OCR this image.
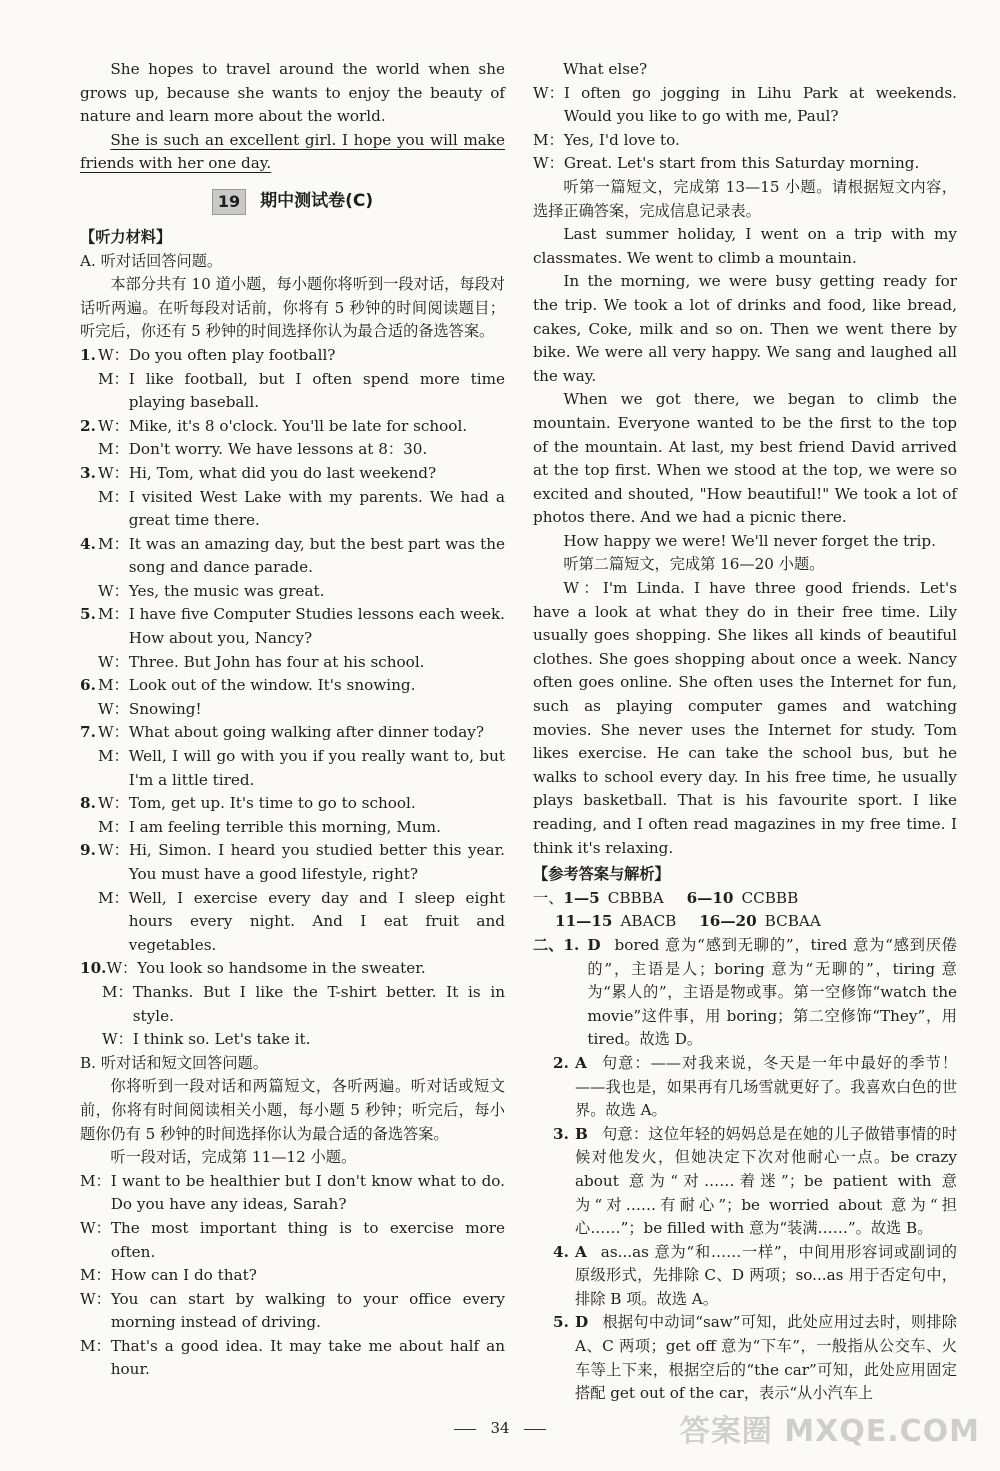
She hopes to travel around the world when she grows up, because she wants to enjoy the beauty of nature and learn more about the world.

She is such an excellent girl. I hope you will make friends with her one day.

19	期中测试卷(C)

【听力材料】

A. 听对话回答问题。

本部分共有 10 道小题，每小题你将听到一段对话，每段对话听两遍。在听每段对话前，你将有 5 秒钟的时间阅读题目；听完后，你还有 5 秒钟的时间选择你认为最合适的备选答案。

1. W： Do you often play football?
M： I like football, but I often spend more time playing baseball.
2. W： Mike, it's 8 o'clock. You'll be late for school.
M： Don't worry. We have lessons at 8：30.
3. W： Hi, Tom, what did you do last weekend?
M： I visited West Lake with my parents. We had a great time there.
4. M： It was an amazing day, but the best part was the song and dance parade.
W： Yes, the music was great.
5. M： I have five Computer Studies lessons each week. How about you, Nancy?
W： Three. But John has four at his school.
6. M： Look out of the window. It's snowing.
W： Snowing!
7. W： What about going walking after dinner today?
M： Well, I will go with you if you really want to, but I'm a little tired.
8. W： Tom, get up. It's time to go to school.
M： I am feeling terrible this morning, Mum.
9. W： Hi, Simon. I heard you studied better this year. You must have a good lifestyle, right?
M： Well, I exercise every day and I sleep eight hours every night. And I eat fruit and vegetables.
10. W： You look so handsome in the sweater.
M： Thanks. But I like the T-shirt better. It is in style.
W： I think so. Let's take it.

B. 听对话和短文回答问题。

你将听到一段对话和两篇短文，各听两遍。听对话或短文前，你将有时间阅读相关小题，每小题 5 秒钟；听完后，每小题你仍有 5 秒钟的时间选择你认为最合适的备选答案。

听一段对话，完成第 11—12 小题。

M： I want to be healthier but I don't know what to do. Do you have any ideas, Sarah?
W： The most important thing is to exercise more often.
M： How can I do that?
W： You can start by walking to your office every morning instead of driving.
M： That's a good idea. It may take me about half an hour.

What else?

W： I often go jogging in Lihu Park at weekends. Would you like to go with me, Paul?
M： Yes, I'd love to.
W： Great. Let's start from this Saturday morning.

听第一篇短文，完成第 13—15 小题。请根据短文内容，选择正确答案，完成信息记录表。

Last summer holiday, I went on a trip with my classmates. We went to climb a mountain.

In the morning, we were busy getting ready for the trip. We took a lot of drinks and food, like bread, cakes, Coke, milk and so on. Then we went there by bike. We were all very happy. We sang and laughed all the way.

When we got there, we began to climb the mountain. Everyone wanted to be the first to the top of the mountain. At last, my best friend David arrived at the top first. When we stood at the top, we were so excited and shouted, "How beautiful!" We took a lot of photos there. And we had a picnic there.

How happy we were! We'll never forget the trip.

听第二篇短文，完成第 16—20 小题。

W：I'm Linda. I have three good friends. Let's have a look at what they do in their free time. Lily usually goes shopping. She likes all kinds of beautiful clothes. She goes shopping about once a week. Nancy often goes online. She often uses the Internet for fun, such as playing computer games and watching movies. She never uses the Internet for study. Tom likes exercise. He can take the school bus, but he walks to school every day. In his free time, he usually plays basketball. That is his favourite sport. I like reading, and I often read magazines in my free time. I think it's relaxing.

【参考答案与解析】

一、 1—5 CBBBA 6—10 CCBBB
11—15 ABACB 16—20 BCBAA
二、 1. D bored 意为“感到无聊的”，tired 意为“感到厌倦的”，主语是人；boring 意为“无聊的”，tiring 意为“累人的”，主语是物或事。第一空修饰“watch the movie”这件事，用 boring；第二空修饰“They”，用 tired。故选 D。
2. A 句意：——对我来说，冬天是一年中最好的季节！——我也是，如果再有几场雪就更好了。我喜欢白色的世界。故选 A。
3. B 句意：这位年轻的妈妈总是在她的儿子做错事情的时候对他发火，但她决定下次对他耐心一点。be crazy about 意为“对……着迷”；be patient with 意为“对……有耐心”；be worried about 意为“担心……”；be filled with 意为“装满……”。故选 B。
4. A as...as 意为“和……一样”，中间用形容词或副词的原级形式，先排除 C、D 两项；so...as 用于否定句中，排除 B 项。故选 A。
5. D 根据句中动词“saw”可知，此处应用过去时，则排除 A、C 两项；get off 意为“下车”，一般指从公交车、火车等上下来，根据空后的“the car”可知，此处应用固定搭配 get out of the car，表示“从小汽车上
34	答案圈 MXQE.COM
